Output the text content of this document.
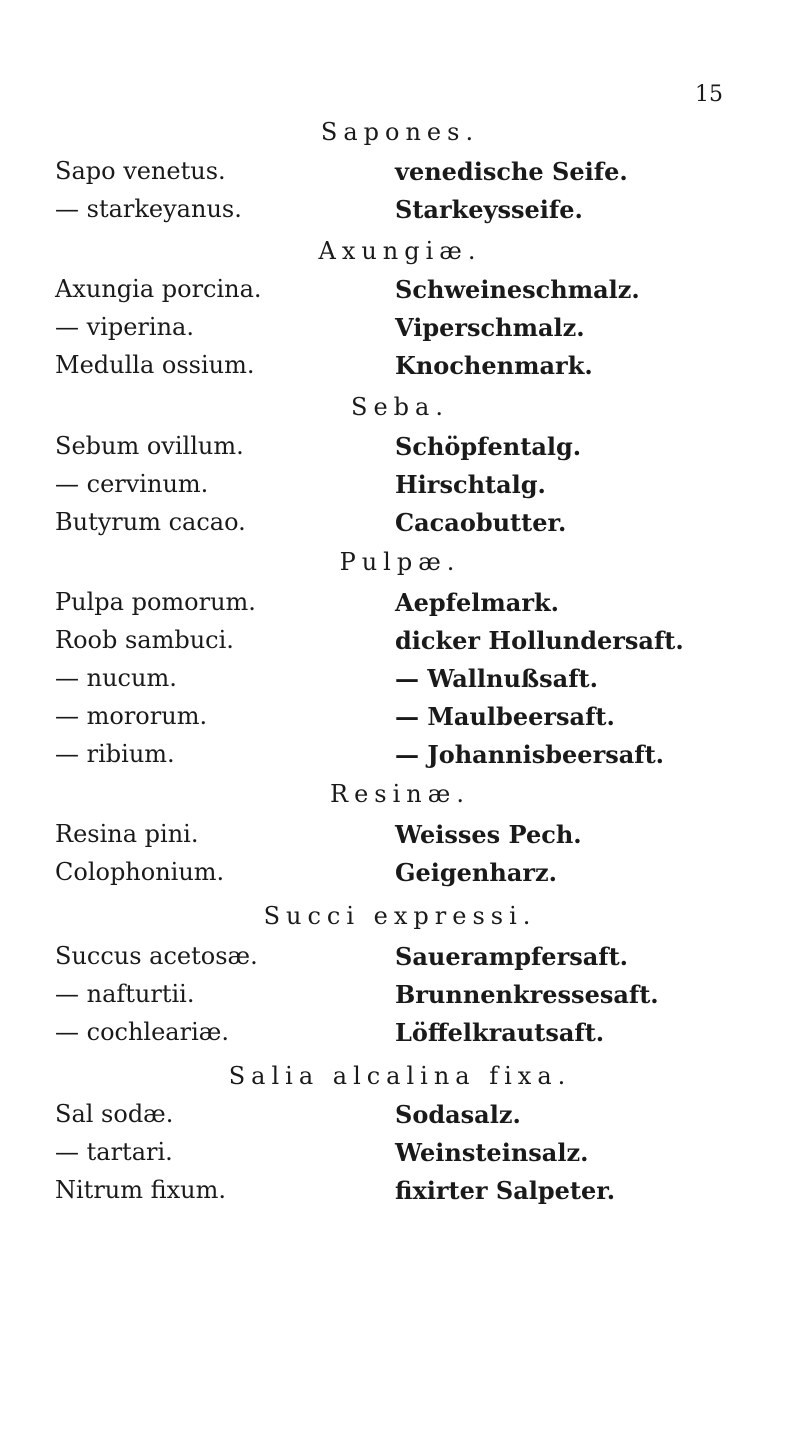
15
Sapones.
Sapo venetus.	venedische Seife.
— starkeyanus.	Starkeysseife.
Axungiæ.
Axungia porcina.	Schweineschmalz.
— viperina.	Viperschmalz.
Medulla ossium.	Knochenmark.
Seba.
Sebum ovillum.	Schöpfentalg.
— cervinum.	Hirschtalg.
Butyrum cacao.	Cacaobutter.
Pulpæ.
Pulpa pomorum.	Aepfelmark.
Roob sambuci.	dicker Hollundersaft.
— nucum.	— Wallnußsaft.
— mororum.	— Maulbeersaft.
— ribium.	— Johannisbeersaft.
Resinæ.
Resina pini.	Weisses Pech.
Colophonium.	Geigenharz.
Succi expressi.
Succus acetosæ.	Sauerampfersaft.
— nafturtii.	Brunnenkressesaft.
— cochleariæ.	Löffelkrautsaft.
Salia alcalina fixa.
Sal sodæ.	Sodasalz.
— tartari.	Weinsteinsalz.
Nitrum fixum.	fixirter Salpeter.
